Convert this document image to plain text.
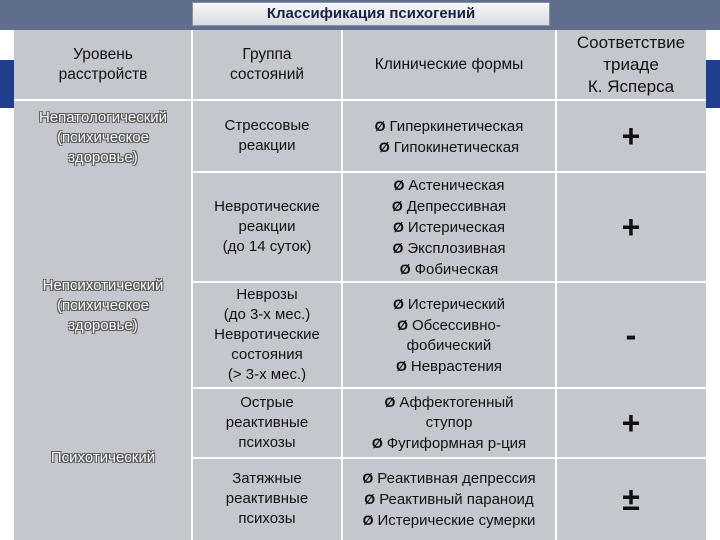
Уровень
расстройств
Группа
состояний
Клинические формы
Соответствие
триаде
К. Ясперса
Непатологический
(психическое
здоровье)
Непсихотический
(психическое
здоровье)
Психотический
Стрессовые
реакции
Ø Гиперкинетическая
Ø Гипокинетическая	+
Невротические
реакции
(до 14 суток)
Ø Астеническая
Ø Депрессивная
Ø Истерическая
Ø Эксплозивная
Ø Фобическая
+
Неврозы
(до 3-х мес.)
Невротические
состояния
(> 3-х мес.)
Ø Истерический
Ø Обсессивно-
фобический
Ø Неврастения
-
Острые
реактивные
психозы
Ø Аффектогенный
ступор
Ø Фугиформная р-ция
+
Затяжные
реактивные
психозы
Ø Реактивная депрессия
Ø Реактивный параноид
Ø Истерические сумерки
±
Классификация психогений
